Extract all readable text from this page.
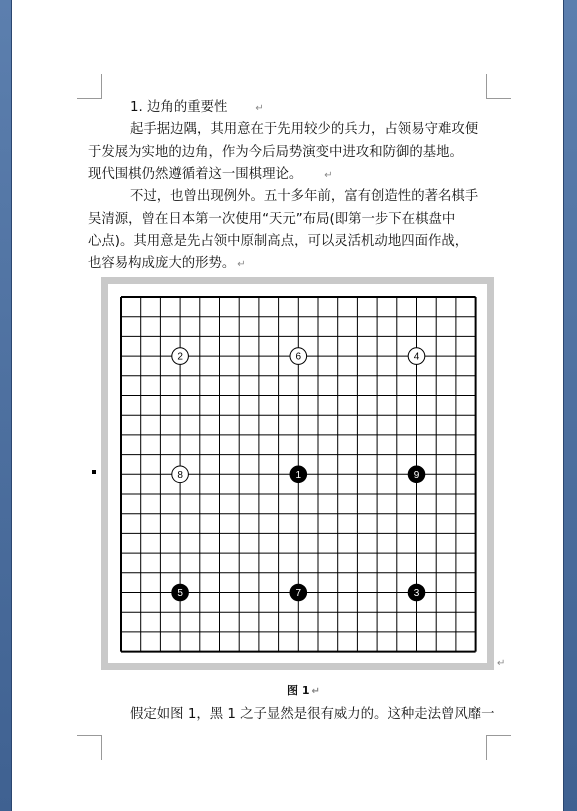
1. 边角的重要性	↵
起手据边隅，其用意在于先用较少的兵力，占领易守难攻便
于发展为实地的边角，作为今后局势演变中进攻和防御的基地。
现代围棋仍然遵循着这一围棋理论。 ↵
不过，也曾出现例外。五十多年前，富有创造性的著名棋手
吴清源，曾在日本第一次使用“天元”布局(即第一步下在棋盘中
心点)。其用意是先占领中原制高点，可以灵活机动地四面作战，
也容易构成庞大的形势。 ↵
2	6	4
8	1	9
5	7	3
↵
图 1 ↵
假定如图 1，黑 1 之子显然是很有威力的。这种走法曾风靡一
